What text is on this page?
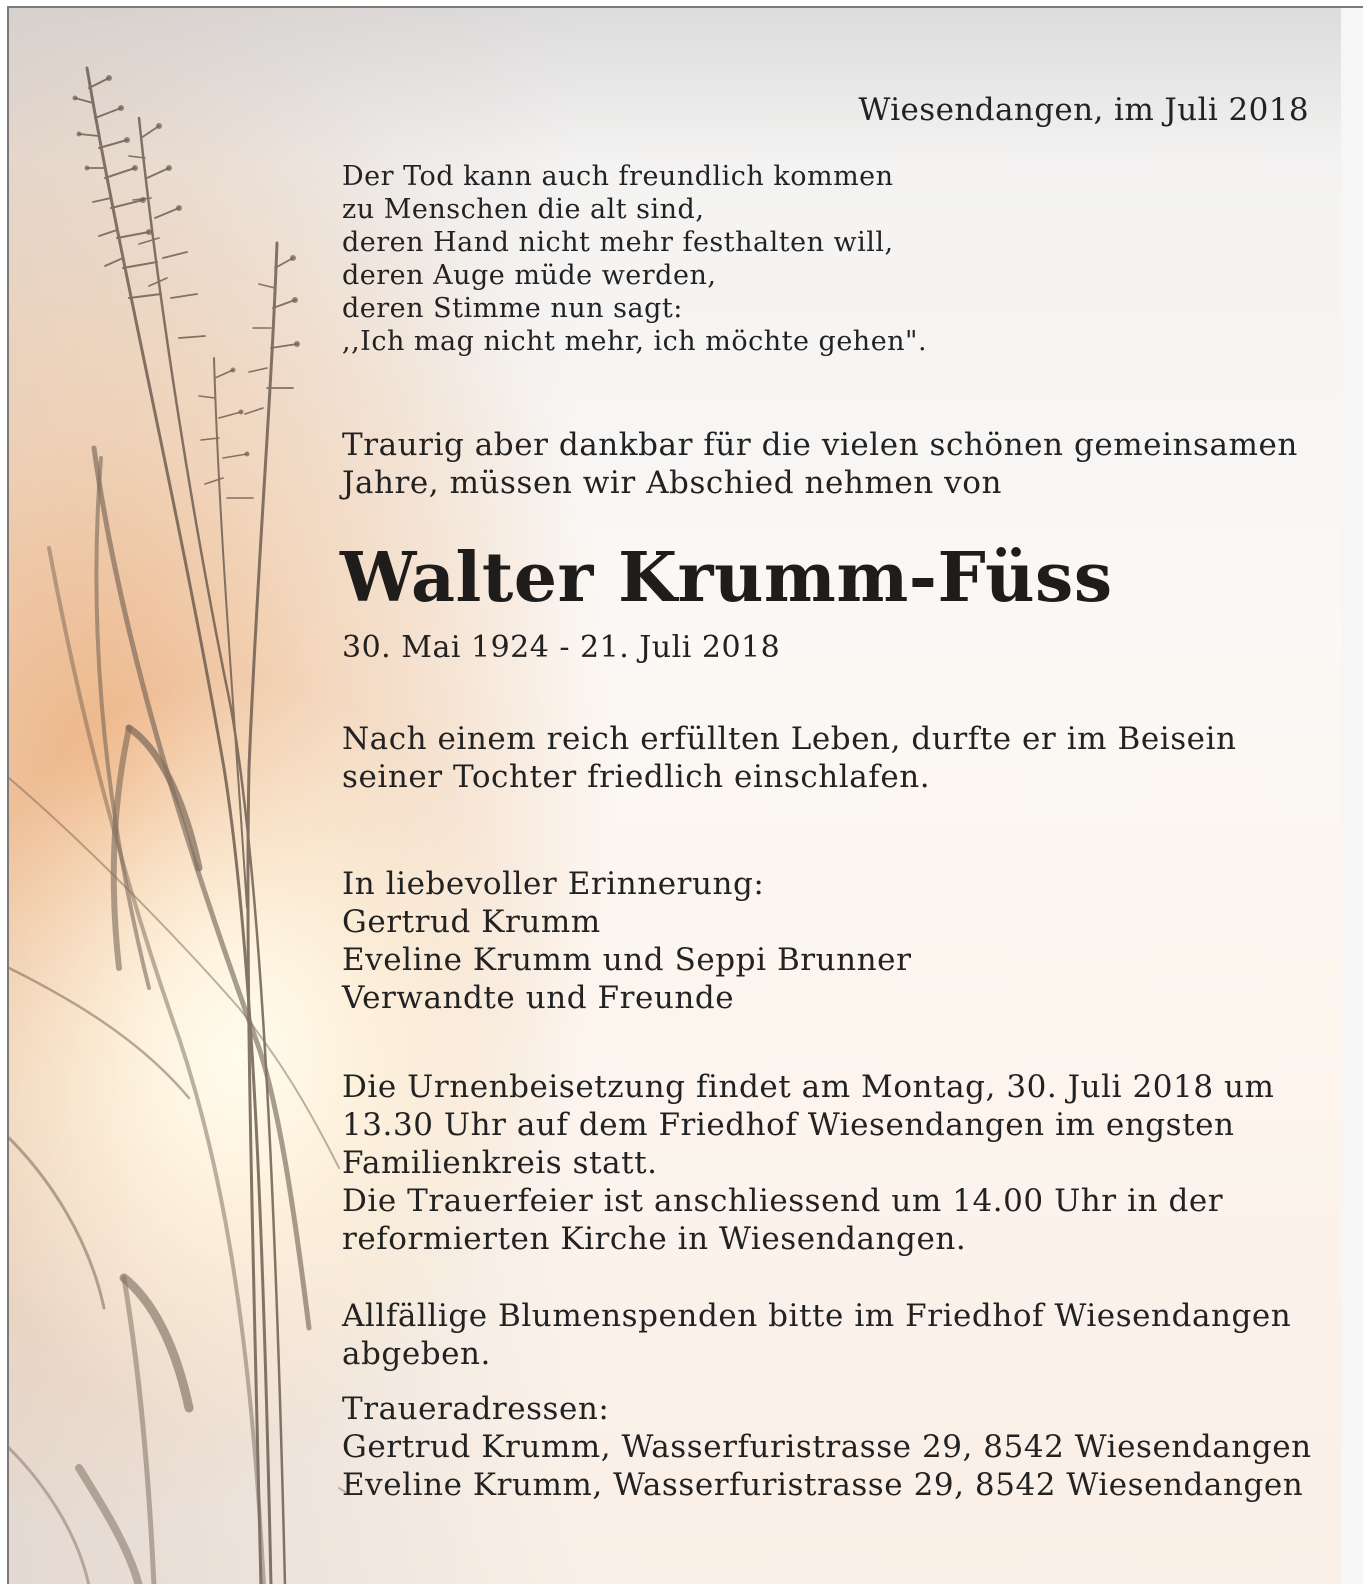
Wiesendangen, im Juli 2018
Der Tod kann auch freundlich kommen
zu Menschen die alt sind,
deren Hand nicht mehr festhalten will,
deren Auge müde werden,
deren Stimme nun sagt:
,,Ich mag nicht mehr, ich möchte gehen".
Traurig aber dankbar für die vielen schönen gemeinsamen
Jahre, müssen wir Abschied nehmen von
Walter Krumm-Füss
30. Mai 1924 - 21. Juli 2018
Nach einem reich erfüllten Leben, durfte er im Beisein
seiner Tochter friedlich einschlafen.
In liebevoller Erinnerung:
Gertrud Krumm
Eveline Krumm und Seppi Brunner
Verwandte und Freunde
Die Urnenbeisetzung findet am Montag, 30. Juli 2018 um
13.30 Uhr auf dem Friedhof Wiesendangen im engsten
Familienkreis statt.
Die Trauerfeier ist anschliessend um 14.00 Uhr in der
reformierten Kirche in Wiesendangen.
Allfällige Blumenspenden bitte im Friedhof Wiesendangen
abgeben.
Traueradressen:
Gertrud Krumm, Wasserfuristrasse 29, 8542 Wiesendangen
Eveline Krumm, Wasserfuristrasse 29, 8542 Wiesendangen
